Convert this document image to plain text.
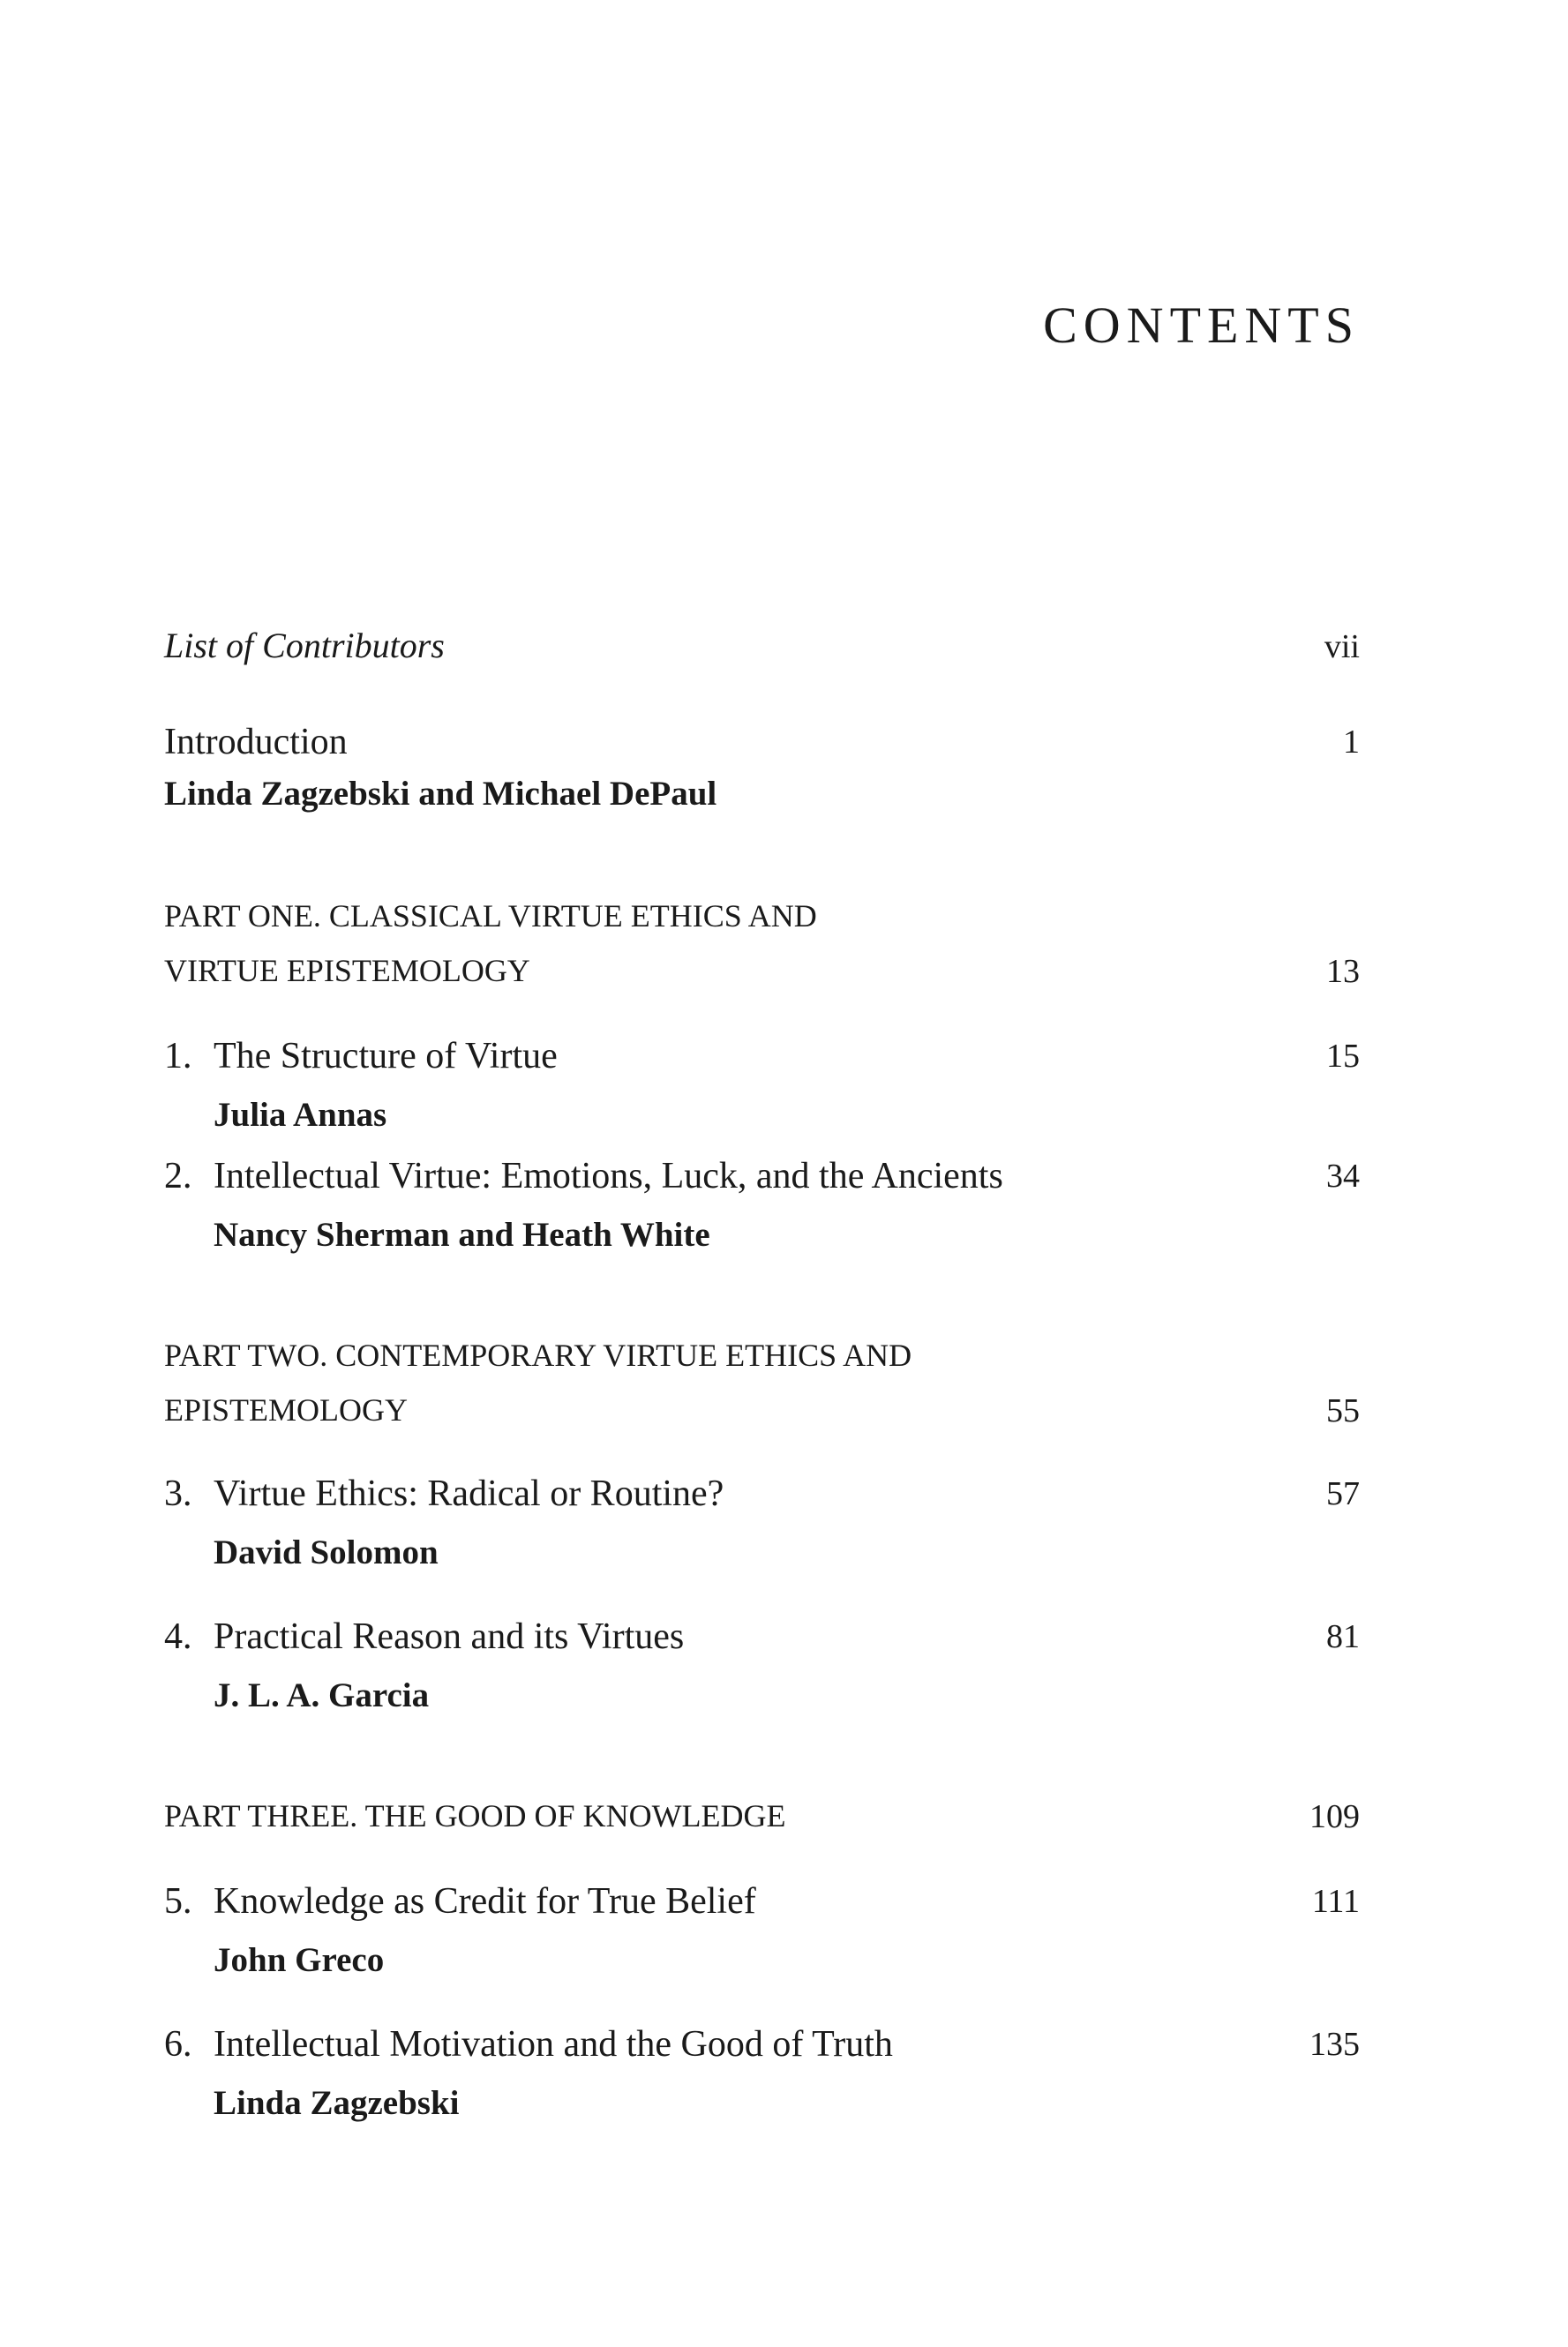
CONTENTS
List of Contributors	vii
Introduction	1
Linda Zagzebski and Michael DePaul
PART ONE. CLASSICAL VIRTUE ETHICS AND
VIRTUE EPISTEMOLOGY	13
1. The Structure of Virtue	15
Julia Annas
2. Intellectual Virtue: Emotions, Luck, and the Ancients	34
Nancy Sherman and Heath White
PART TWO. CONTEMPORARY VIRTUE ETHICS AND
EPISTEMOLOGY	55
3. Virtue Ethics: Radical or Routine?	57
David Solomon
4. Practical Reason and its Virtues	81
J. L. A. Garcia
PART THREE. THE GOOD OF KNOWLEDGE	109
5. Knowledge as Credit for True Belief	111
John Greco
6. Intellectual Motivation and the Good of Truth	135
Linda Zagzebski
